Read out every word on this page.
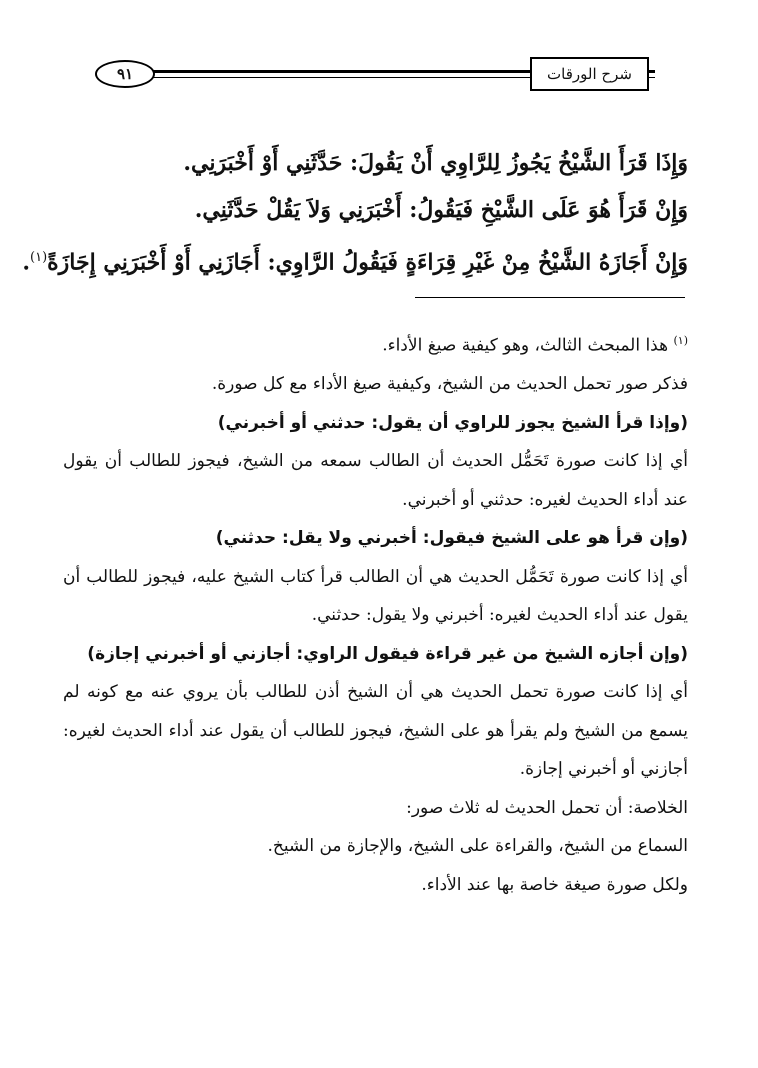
٩١	شرح الورقات

وَإِذَا قَرَأَ الشَّيْخُ يَجُوزُ لِلرَّاوِي أَنْ يَقُولَ: حَدَّثَنِي أَوْ أَخْبَرَنِي.

وَإِنْ قَرَأَ هُوَ عَلَى الشَّيْخِ فَيَقُولُ: أَخْبَرَنِي وَلاَ يَقُلْ حَدَّثَنِي.

وَإِنْ أَجَازَهُ الشَّيْخُ مِنْ غَيْرِ قِرَاءَةٍ فَيَقُولُ الرَّاوِي: أَجَازَنِي أَوْ أَخْبَرَنِي إِجَازَةً$^{(١)}$.

$^{(١)}$ هذا المبحث الثالث، وهو كيفية صيغ الأداء.

فذكر صور تحمل الحديث من الشيخ، وكيفية صيغ الأداء مع كل صورة.

(وإذا قرأ الشيخ يجوز للراوي أن يقول: حدثني أو أخبرني)

أي إذا كانت صورة تَحَمُّل الحديث أن الطالب سمعه من الشيخ، فيجوز للطالب أن يقول عند أداء الحديث لغيره: حدثني أو أخبرني.

(وإن قرأ هو على الشيخ فيقول: أخبرني ولا يقل: حدثني)

أي إذا كانت صورة تَحَمُّل الحديث هي أن الطالب قرأ كتاب الشيخ عليه، فيجوز للطالب أن يقول عند أداء الحديث لغيره: أخبرني ولا يقول: حدثني.

(وإن أجازه الشيخ من غير قراءة فيقول الراوي: أجازني أو أخبرني إجازة)

أي إذا كانت صورة تحمل الحديث هي أن الشيخ أذن للطالب بأن يروي عنه مع كونه لم يسمع من الشيخ ولم يقرأ هو على الشيخ، فيجوز للطالب أن يقول عند أداء الحديث لغيره: أجازني أو أخبرني إجازة.

الخلاصة: أن تحمل الحديث له ثلاث صور:

السماع من الشيخ، والقراءة على الشيخ، والإجازة من الشيخ.

ولكل صورة صيغة خاصة بها عند الأداء.
